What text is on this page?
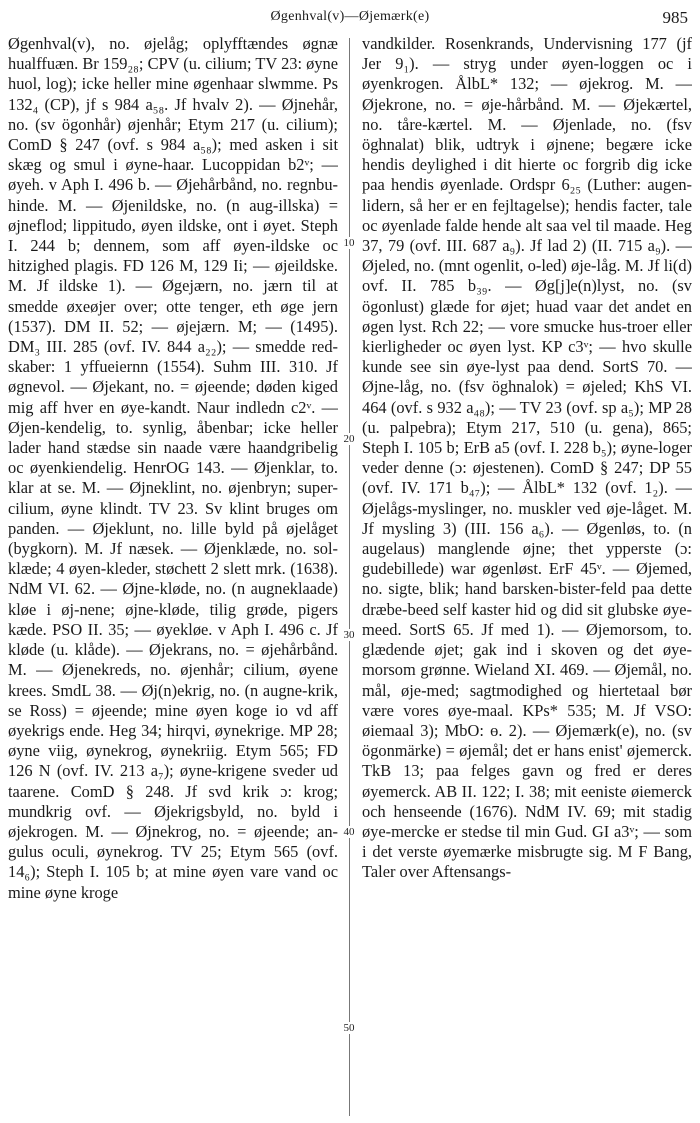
Øgenhval(v)—Øjemærk(e)	985

Øgenhval(v), no. øjelåg; oplyfftændes øgnæ hualffuæn. Br 159₂₈; CPV (u. cilium; TV 23: øyne huol, log); icke heller mine øgenhaar slwmme. Ps 132₄ (CP), jf s 984 a₅₈. Jf hvalv 2). — Øjnehår, no. (sv ögonhår) øjenhår; Etym 217 (u. cilium); ComD § 247 (ovf. s 984 a₅₈); med asken i sit skæg og smul i øyne-haar. Lucoppidan b2ᵛ; — øyeh. v Aph I. 496 b. — Øjehårbånd, no. regnbu-hinde. M. — Øjenildske, no. (n aug-illska) = øjneflod; lippitudo, øyen ildske, ont i øyet. Steph I. 244 b; dennem, som aff øyen-ildske oc hitzighed plagis. FD 126 M, 129 Ii; — øjeildske. M. Jf ildske 1). — Øgejærn, no. jærn til at smedde øxeøjer over; otte tenger, eth øge jern (1537). DM II. 52; — øjejærn. M; — (1495). DM₃ III. 285 (ovf. IV. 844 a₂₂); — smedde red-skaber: 1 yffueiernn (1554). Suhm III. 310. Jf øgnevol. — Øjekant, no. = øjeende; døden kiged mig aff hver en øye-kandt. Naur indledn c2ᵛ. — Øjen-kendelig, to. synlig, åbenbar; icke heller lader hand stædse sin naade være haandgribelig oc øyenkiendelig. HenrOG 143. — Øjenklar, to. klar at se. M. — Øjneklint, no. øjenbryn; super-cilium, øyne klindt. TV 23. Sv klint bruges om panden. — Øjeklunt, no. lille byld på øjelåget (bygkorn). M. Jf næsek. — Øjenklæde, no. sol-klæde; 4 øyen-kleder, støchett 2 slett mrk. (1638). NdM VI. 62. — Øjne-kløde, no. (n augneklaade) kløe i øj-nene; øjne-kløde, tilig grøde, pigers kæde. PSO II. 35; — øyekløe. v Aph I. 496 c. Jf kløde (u. klåde). — Øjekrans, no. = øjehårbånd. M. — Øjenekreds, no. øjenhår; cilium, øyene krees. SmdL 38. — Øj(n)ekrig, no. (n augne-krik, se Ross) = øjeende; mine øyen koge io vd aff øyekrigs ende. Heg 34; hirqvi, øynekrige. MP 28; øyne viig, øynekrog, øynekriig. Etym 565; FD 126 N (ovf. IV. 213 a₇); øyne-krigene sveder ud taarene. ComD § 248. Jf svd krik ɔ: krog; mundkrig ovf. — Øjekrigsbyld, no. byld i øjekrogen. M. — Øjnekrog, no. = øjeende; an-gulus oculi, øynekrog. TV 25; Etym 565 (ovf. 14₆); Steph I. 105 b; at mine øyen vare vand oc mine øyne kroge

10
20
30
40
50

vandkilder. Rosenkrands, Undervisning 177 (jf Jer 9₁). — stryg under øyen-loggen oc i øyenkrogen. ÅlbL* 132; — øjekrog. M. — Øjekrone, no. = øje-hårbånd. M. — Øjekærtel, no. tåre-kærtel. M. — Øjenlade, no. (fsv öghnalat) blik, udtryk i øjnene; begære icke hendis deylighed i dit hierte oc forgrib dig icke paa hendis øyenlade. Ordspr 6₂₅ (Luther: augen-lidern, så her er en fejltagelse); hendis facter, tale oc øyenlade falde hende alt saa vel til maade. Heg 37, 79 (ovf. III. 687 a₉). Jf lad 2) (II. 715 a₉). — Øjeled, no. (mnt ogenlit, o-led) øje-låg. M. Jf li(d) ovf. II. 785 b₃₉. — Øg[j]e(n)lyst, no. (sv ögonlust) glæde for øjet; huad vaar det andet en øgen lyst. Rch 22; — vore smucke hus-troer eller kierligheder oc øyen lyst. KP c3ᵛ; — hvo skulle kunde see sin øye-lyst paa dend. SortS 70. — Øjne-låg, no. (fsv öghnalok) = øjeled; KhS VI. 464 (ovf. s 932 a₄₈); — TV 23 (ovf. sp a₅); MP 28 (u. palpebra); Etym 217, 510 (u. gena), 865; Steph I. 105 b; ErB a5 (ovf. I. 228 b₅); øyne-loger veder denne (ɔ: øjestenen). ComD § 247; DP 55 (ovf. IV. 171 b₄₇); — ÅlbL* 132 (ovf. 1₂). — Øjelågs-myslinger, no. muskler ved øje-låget. M. Jf mysling 3) (III. 156 a₆). — Øgenløs, to. (n augelaus) manglende øjne; thet ypperste (ɔ: gudebillede) war øgenløst. ErF 45ᵛ. — Øjemed, no. sigte, blik; hand barsken-bister-feld paa dette dræbe-beed self kaster hid og did sit glubske øye-meed. SortS 65. Jf med 1). — Øjemorsom, to. glædende øjet; gak ind i skoven og det øye-morsom grønne. Wieland XI. 469. — Øjemål, no. mål, øje-med; sagtmodighed og hiertetaal bør være vores øye-maal. KPs* 535; M. Jf VSO: øiemaal 3); MbO: ɵ. 2). — Øjemærk(e), no. (sv ögonmärke) = øjemål; det er hans enist' øjemerck. TkB 13; paa felges gavn og fred er deres øyemerck. AB II. 122; I. 38; mit eeniste øiemerck och henseende (1676). NdM IV. 69; mit stadig øye-mercke er stedse til min Gud. GI a3ᵛ; — som i det verste øyemærke misbrugte sig. M F Bang, Taler over Aftensangs-
